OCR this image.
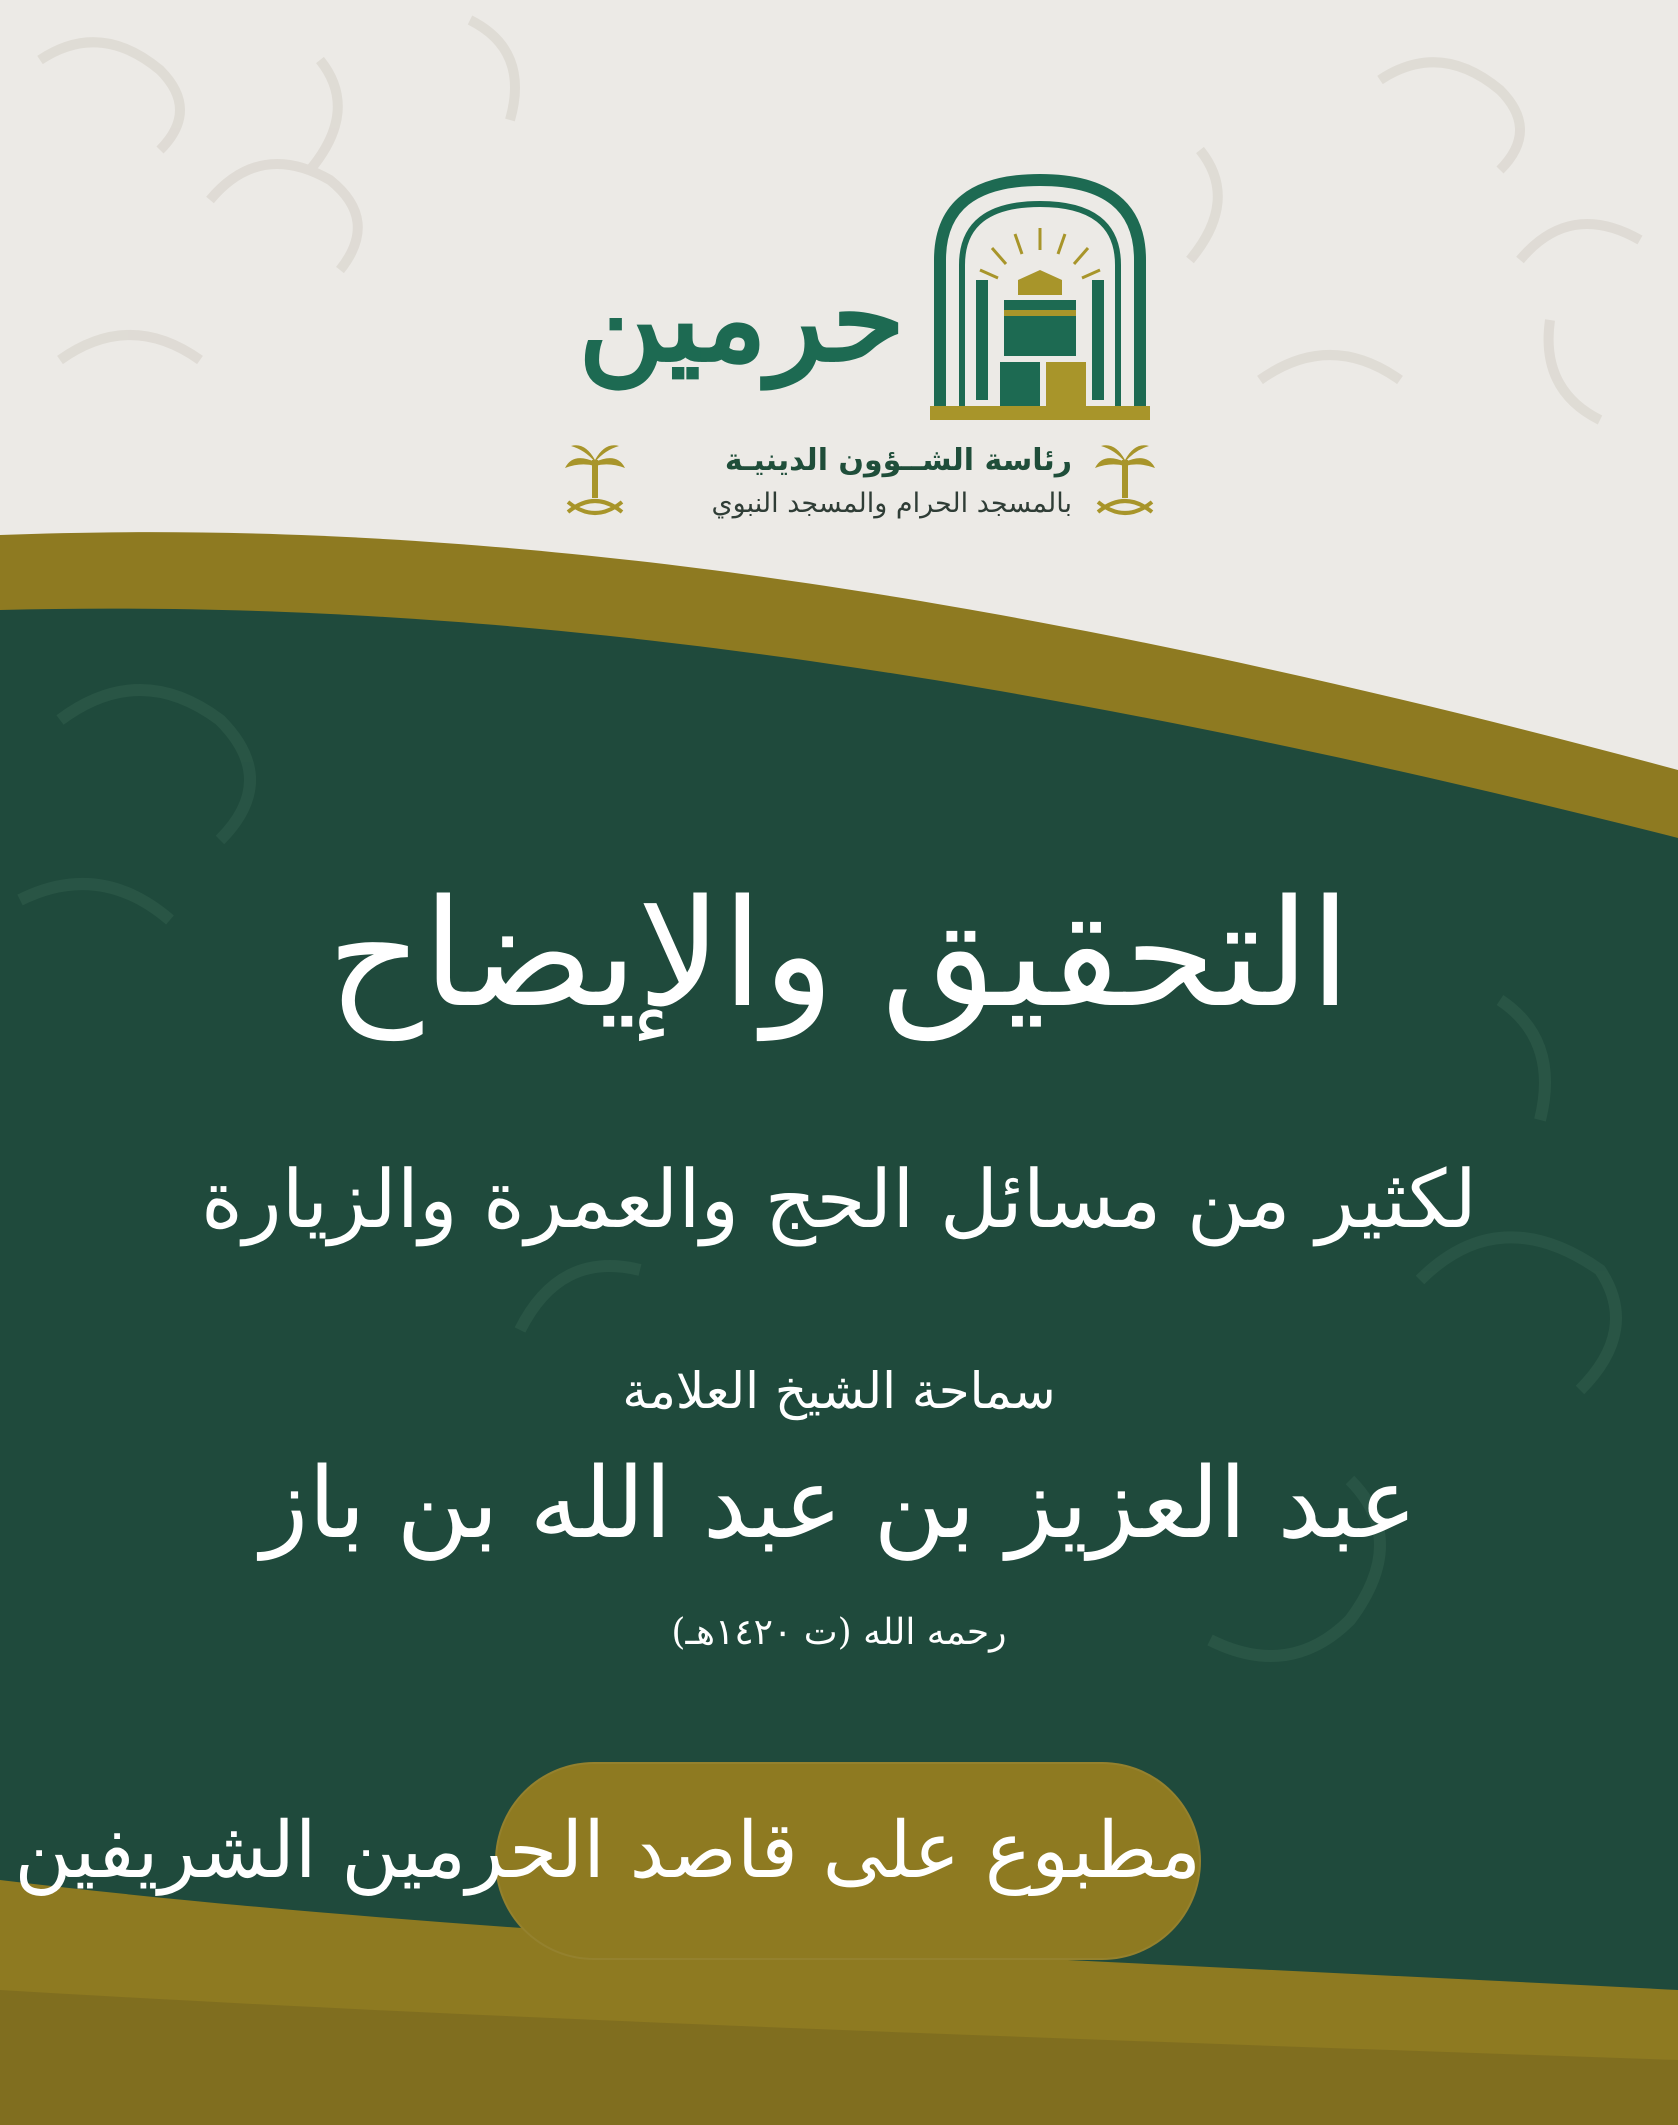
حرمين
رئاسة الشــؤون الدينيـة
بالمسجد الحرام والمسجد النبوي
التحقيق والإيضاح
لكثير من مسائل الحج والعمرة والزيارة
سماحة الشيخ العلامة
عبد العزيز بن عبد الله بن باز
رحمه الله (ت ١٤٢٠هـ)
مطبوع على قاصد الحرمين الشريفين
